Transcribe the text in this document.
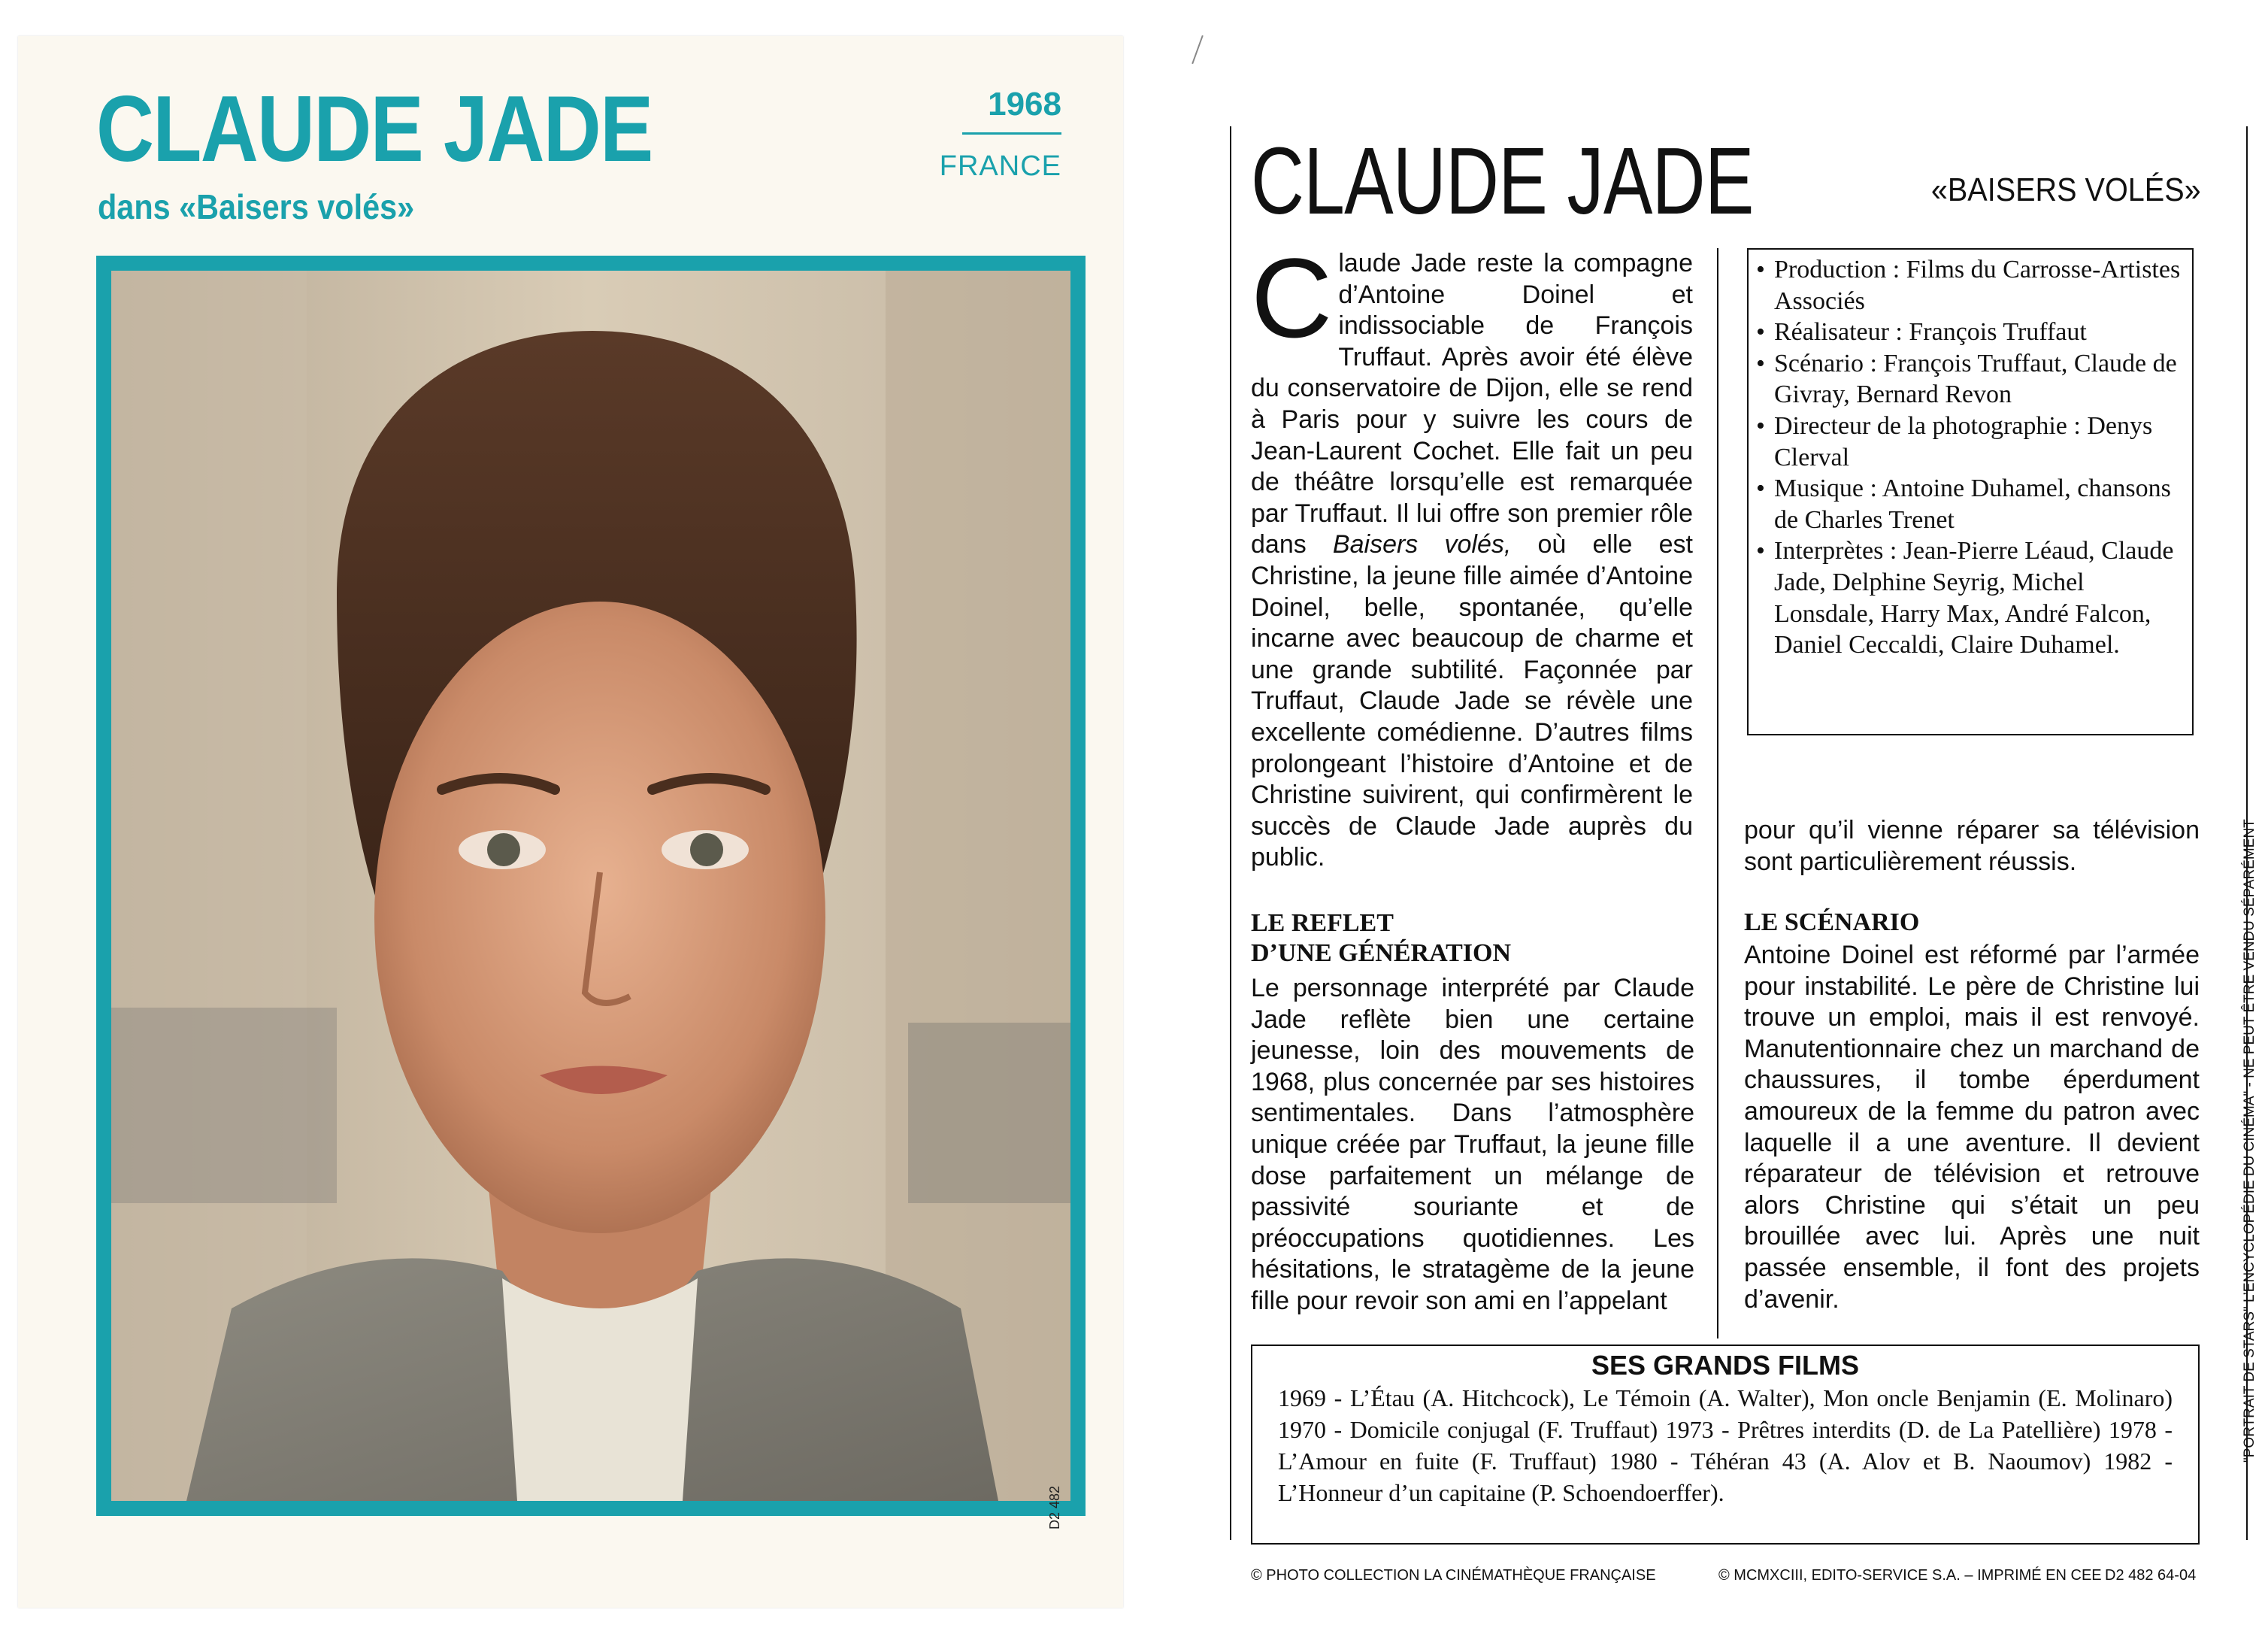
CLAUDE JADE
dans «Baisers volés»
1968
FRANCE
D2 482
CLAUDE JADE	«BAISERS VOLÉS»
Claude Jade reste la compagne d’Antoine Doinel et indissociable de François Truffaut. Après avoir été élève du conservatoire de Dijon, elle se rend à Paris pour y suivre les cours de Jean-Laurent Cochet. Elle fait un peu de théâtre lorsqu’elle est remarquée par Truffaut. Il lui offre son premier rôle dans Baisers volés, où elle est Christine, la jeune fille aimée d’Antoine Doinel, belle, spontanée, qu’elle incarne avec beaucoup de charme et une grande subtilité. Façonnée par Truffaut, Claude Jade se révèle une excellente comédienne. D’autres films prolongeant l’histoire d’Antoine et de Christine suivirent, qui confirmèrent le succès de Claude Jade auprès du public.
• Production : Films du Carrosse-Artistes Associés
• Réalisateur : François Truffaut
• Scénario : François Truffaut, Claude de Givray, Bernard Revon
• Directeur de la photographie : Denys Clerval
• Musique : Antoine Duhamel, chansons de Charles Trenet
• Interprètes : Jean-Pierre Léaud, Claude Jade, Delphine Seyrig, Michel Lonsdale, Harry Max, André Falcon, Daniel Ceccaldi, Claire Duhamel.
pour qu’il vienne réparer sa télévision sont particulièrement réussis.
LE REFLET
D’UNE GÉNÉRATION
Le personnage interprété par Claude Jade reflète bien une certaine jeunesse, loin des mouvements de 1968, plus concernée par ses histoires sentimentales. Dans l’atmosphère unique créée par Truffaut, la jeune fille dose parfaitement un mélange de passivité souriante et de préoccupations quotidiennes. Les hésitations, le stratagème de la jeune fille pour revoir son ami en l’appelant
LE SCÉNARIO
Antoine Doinel est réformé par l’armée pour instabilité. Le père de Christine lui trouve un emploi, mais il est renvoyé. Manutentionnaire chez un marchand de chaussures, il tombe éperdument amoureux de la femme du patron avec laquelle il a une aventure. Il devient réparateur de télévision et retrouve alors Christine qui s’était un peu brouillée avec lui. Après une nuit passée ensemble, il font des projets d’avenir.
SES GRANDS FILMS
1969 - L’Étau (A. Hitchcock), Le Témoin (A. Walter), Mon oncle Benjamin (E. Molinaro) 1970 - Domicile conjugal (F. Truffaut) 1973 - Prêtres interdits (D. de La Patellière) 1978 - L’Amour en fuite (F. Truffaut) 1980 - Téhéran 43 (A. Alov et B. Naoumov) 1982 - L’Honneur d’un capitaine (P. Schoendoerffer).
© PHOTO COLLECTION LA CINÉMATHÈQUE FRANÇAISE	© MCMXCIII, EDITO-SERVICE S.A. – IMPRIMÉ EN CEE D2 482 64-04
"PORTRAIT DE STARS" L’ENCYCLOPÉDIE DU CINÉMA" - NE PEUT ÊTRE VENDU SÉPARÉMENT
